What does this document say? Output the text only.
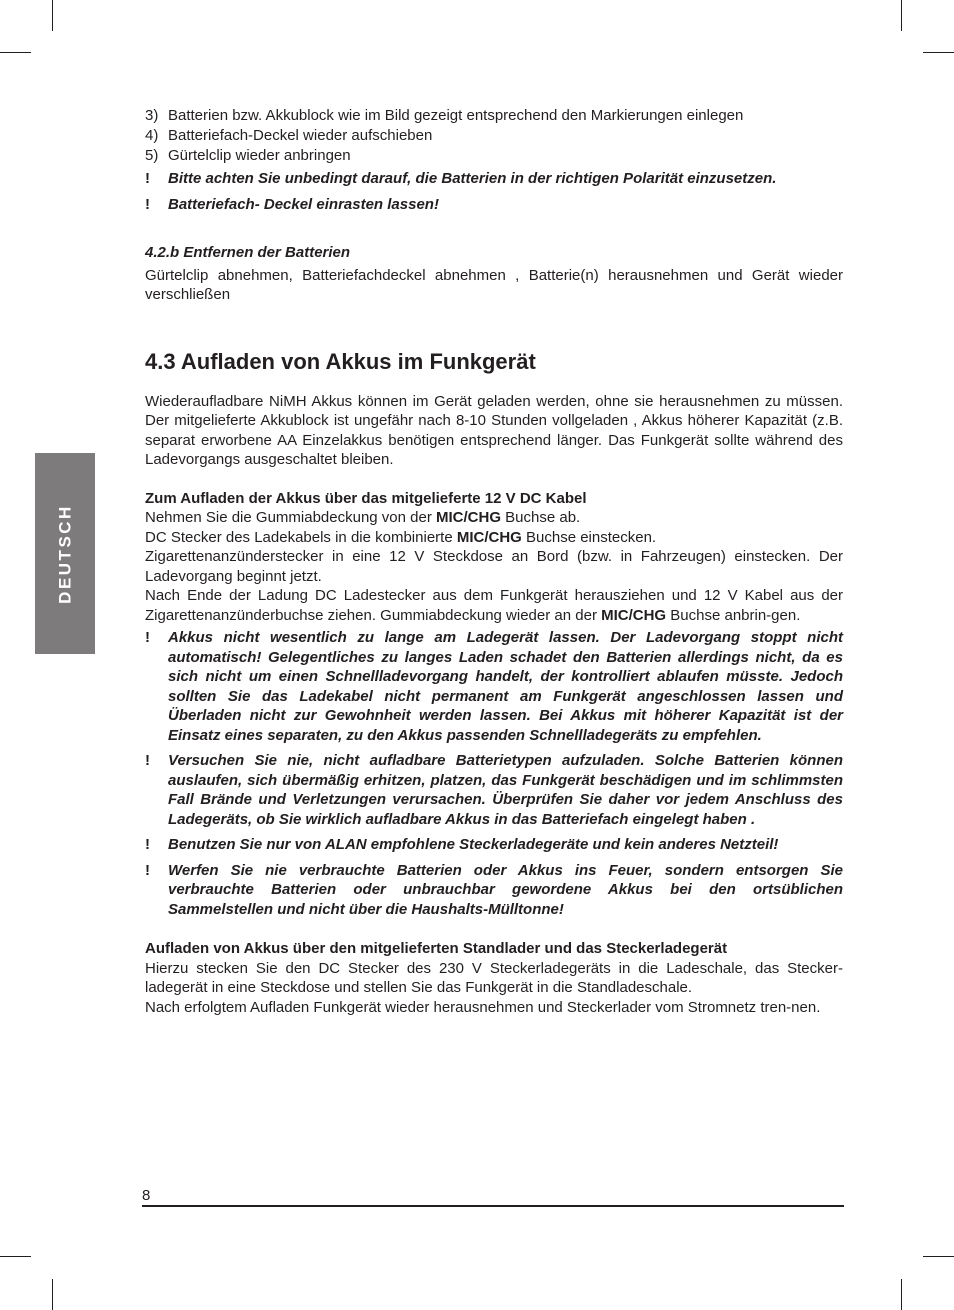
DEUTSCH
3) Batterien bzw. Akkublock wie im Bild gezeigt entsprechend den Markierungen einlegen
4) Batteriefach-Deckel wieder aufschieben
5) Gürtelclip wieder anbringen
! Bitte achten Sie unbedingt darauf, die Batterien in der richtigen Polarität einzusetzen.
! Batteriefach- Deckel einrasten lassen!
4.2.b Entfernen der Batterien
Gürtelclip abnehmen, Batteriefachdeckel abnehmen , Batterie(n) herausnehmen und Gerät wieder verschließen
4.3 Aufladen von Akkus im Funkgerät
Wiederaufladbare NiMH Akkus können im Gerät geladen werden, ohne sie herausnehmen zu müssen. Der mitgelieferte Akkublock ist ungefähr nach 8-10 Stunden vollgeladen , Akkus höherer Kapazität (z.B. separat erworbene AA Einzelakkus benötigen entsprechend länger. Das Funkgerät sollte während des Ladevorgangs ausgeschaltet bleiben.
Zum Aufladen der Akkus über das mitgelieferte 12 V DC Kabel
Nehmen Sie die Gummiabdeckung von der MIC/CHG Buchse ab.
DC Stecker des Ladekabels in die kombinierte MIC/CHG Buchse einstecken.
Zigarettenanzünderstecker in eine 12 V Steckdose an Bord (bzw. in Fahrzeugen) einstecken. Der Ladevorgang beginnt jetzt.
Nach Ende der Ladung DC Ladestecker aus dem Funkgerät herausziehen und 12 V Kabel aus der Zigarettenanzünderbuchse ziehen. Gummiabdeckung wieder an der MIC/CHG Buchse anbrin-gen.
! Akkus nicht wesentlich zu lange am Ladegerät lassen. Der Ladevorgang stoppt nicht automatisch! Gelegentliches zu langes Laden schadet den Batterien allerdings nicht, da es sich nicht um einen Schnellladevorgang handelt, der kontrolliert ablaufen müsste. Jedoch sollten Sie das Ladekabel nicht permanent am Funkgerät angeschlossen lassen und Überladen nicht zur Gewohnheit werden lassen. Bei Akkus mit höherer Kapazität ist der Einsatz eines separaten, zu den Akkus passenden Schnellladegeräts zu empfehlen.
! Versuchen Sie nie, nicht aufladbare Batterietypen aufzuladen. Solche Batterien können auslaufen, sich übermäßig erhitzen, platzen, das Funkgerät beschädigen und im schlimmsten Fall Brände und Verletzungen verursachen. Überprüfen Sie daher vor jedem Anschluss des Ladegeräts, ob Sie wirklich aufladbare Akkus in das Batteriefach eingelegt haben .
! Benutzen Sie nur von ALAN empfohlene Steckerladegeräte und kein anderes Netzteil!
! Werfen Sie nie verbrauchte Batterien oder Akkus ins Feuer, sondern entsorgen Sie verbrauchte Batterien oder unbrauchbar gewordene Akkus bei den ortsüblichen Sammelstellen und nicht über die Haushalts-Mülltonne!
Aufladen von Akkus über den mitgelieferten Standlader und das Steckerladegerät
Hierzu stecken Sie den DC Stecker des 230 V Steckerladegeräts in die Ladeschale, das Stecker-ladegerät in eine Steckdose und stellen Sie das Funkgerät in die Standladeschale.
Nach erfolgtem Aufladen Funkgerät wieder herausnehmen und Steckerlader vom Stromnetz tren-nen.
8
